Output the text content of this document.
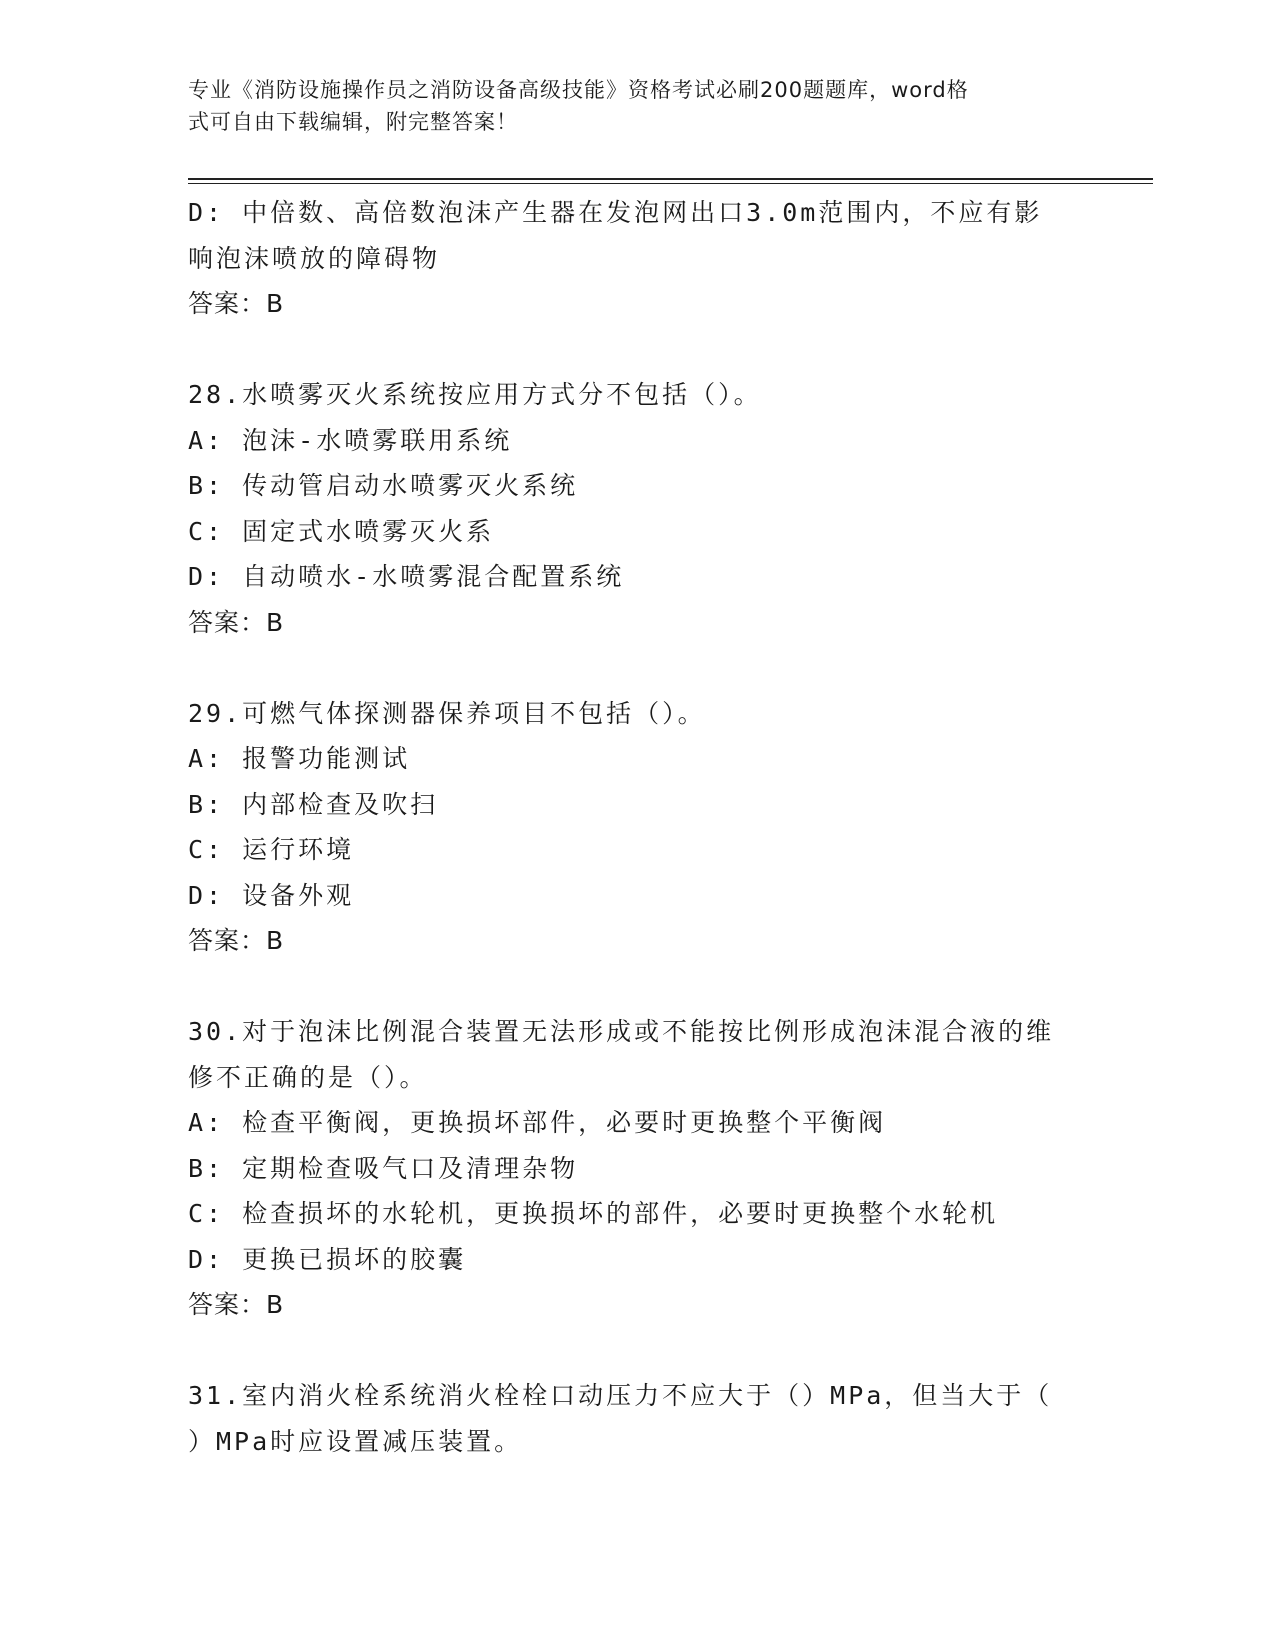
专业《消防设施操作员之消防设备高级技能》资格考试必刷200题题库，word格
式可自由下载编辑，附完整答案！
D: 中倍数、高倍数泡沫产生器在发泡网出口3.0m范围内，不应有影
响泡沫喷放的障碍物
答案：B
28.水喷雾灭火系统按应用方式分不包括（）。
A: 泡沫-水喷雾联用系统
B: 传动管启动水喷雾灭火系统
C: 固定式水喷雾灭火系
D: 自动喷水-水喷雾混合配置系统
答案：B
29.可燃气体探测器保养项目不包括（）。
A: 报警功能测试
B: 内部检查及吹扫
C: 运行环境
D: 设备外观
答案：B
30.对于泡沫比例混合装置无法形成或不能按比例形成泡沫混合液的维
修不正确的是（）。
A: 检查平衡阀，更换损坏部件，必要时更换整个平衡阀
B: 定期检查吸气口及清理杂物
C: 检查损坏的水轮机，更换损坏的部件，必要时更换整个水轮机
D: 更换已损坏的胶囊
答案：B
31.室内消火栓系统消火栓栓口动压力不应大于（）MPa，但当大于（
）MPa时应设置减压装置。
